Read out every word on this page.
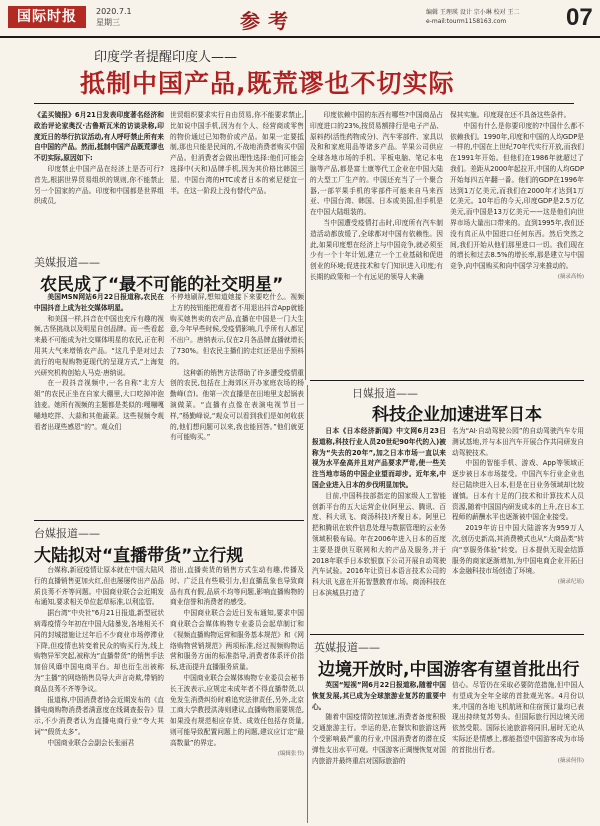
国际时报	2020.7.1
星期三	参考	编辑 王理瑛 设计 宗小琳 校对 王二
e-mail:tourm1158163.com	07
印度学者提醒印度人——
抵制中国产品,既荒谬也不切实际

《孟买镜报》6月21日发表印度著名经济和政治评论家奥汉·古鲁斯瓦米的访谈录称,印度近日的举行抗议活动,有人呼吁禁止所有来自中国的产品。然而,抵制中国产品既荒谬也不切实际,原因如下:

印度禁止中国产品在经济上是否可行?首先,根据世界贸易组织的规则,你不能禁止另一个国家的产品。印度和中国都是世界组织成员,

世贸组织要求实行自由贸易,你不能要求禁止,比如说中国手机,因为有个人、经营商或零售的物价通过已知物价或产品。如果一定要抵制,那也只能是民间的,不战地消费者购买中国产品。但消费者会做出理性选择:他们可能会选择中(天和)品牌手机,因为其价格比韩国三星、中国台湾的HTC或者日本的索尼便宜一半。在这一阶段上没有替代产品。

印度依赖中国的东西有哪些?中国商品占印度进口的23%,按贸易额排行是电子产品、原料药(活性药物成分)、汽车零部件、家具以及和和家庭用品等诸多产品。苹果公司供应全球各地市场的手机、平板电脑、笔记本电脑等产品,都是富士康等代工企业在中国大陆的大型工厂生产的。中国还充当了一个聚合器,一部苹果手机的零部件可能来自马来西亚、中国台湾、韩国、日本或美国,但手机是在中国大陆组装的。

当中国遭受疫情打击时,印度所有汽车制造活动都放缓了,全球都对中国有依赖性。因此,如果印度想在经济上与中国竞争,就必须至少有一个十年计划,建立一个工业基础和促进创业的环境;促进技术和专门知识进入印度;有长期的政策和一个有远见的领导人来确

保其实施。印度现在还不具备这些条件。

中国有什么是你要印度的?中国什么都不依赖我们。1990年,印度和中国的人均GDP是一样的,中国在上世纪70年代实行开放,而我们在1991年开始。但他们在1986年就超过了我们。差距从2000年起拉开,中国的人均GDP开始每四五年翻一番。他们的GDP在1996年达到1万亿美元,而我们在2000年才达到1万亿美元。10年后的今天,印度GDP是2.5万亿美元,而中国是13万亿美元——这是他们向世界市场大量出口带来的。直到1995年,我们还没有真正从中国进口任何东西。然后突然之间,我们开始从他们那里进口一切。我们现在的增长和过去8.5%的增长率,那是建立与中国竞争,向中国购买和向中国学习来推动的。

(摘录高杨)
美媒报道——
农民成了“最不可能的社交明星”

美国MSN网站6月22日报道称,农民在中国抖音上成为社交媒体明星。

和美国一样,抖音在中国也充斥有趣的视频,古怪挑战以及明星自创品牌。而一些看起来最不可能成为社交媒体明星的农民,正在利用其大气来增销农产品。“这几乎是对过去流行的电视购物更现代的呈现方式,”上海复兴研究机构创始人马克·唐纳说。

在一段抖音视频中,一名自称“北方大姐”的农民正坐在自家大棚里,大口吃掉冲泡油麦。她所有视频的主题都是类似的:嘎嘣嘎嘣地吃拌、大蒜和其他蔬菜。这些视频令观看者出现些感恩“的”。观众们

不停地刷屏,想知道她接下来要吃什么。视频上方的按钮能把观看者不用退出抖音App就能购买她售卖的农产品,直播在中国是一门大生意,今年早些时候,受疫情影响,几乎所有人都足不出户。唐纳表示,仅在2月各品牌直播就增长了730%。但农民主播们的走红还是出乎预料的。

这种新的销售方法帮助了许多遭受疫情重创的农民,包括在上海郊区开办家庭农场的杨勤峰(音)。他第一次直播是在田地里支起锅表演做菜。“直播有点像在表演电视节目一样,”杨勤峰说,“观众可以看到我们是如何收获的,他们想问题可以来,我也能回答。”他们就更有可能购买。”

台媒报道——
大陆拟对“直播带货”立行规

台媒称,新冠疫情让原本就在中国大陆风行的直播销售更加火红,但也屡屡传出产品品质良莠不齐等问题。中国商业联合会近期发布通知,要求相关单位起草标准,以利监管。

据台湾“中央社”6月21日报道,新型冠状病毒疫情今年初在中国大陆暴发,各地相关不同的封城措施让过年后不少商业市场停滞业下降,但疫情也转变着民众的购买行为,线上购物异军突起,被称为“直播带货”的销售手法加倍风靡中国电商平台。却也衍生出被称为“主播”的网络销售员导大声言奇欺,带销的商品良莠不齐等争议。

报道称,中国消费者协会近期发布的《直播电商购物消费者满意度在线调查报告》显示,不少消费者认为直播电商行业“夸大其词”“假货太多”。

中国商业联合会副会长张丽君

指出,直播卖货的销售方式生动有趣,传播及时、广泛且有些吸引力,但直播乱象也导致商品有真有假,品质不均等问题,影响直播购物的商业信誉和消费者的感受。

中国商业联合会近日发布通知,要求中国商业联合会媒体购物专业委员会起草制订和《视频直播购物运营和服务基本规范》和《网络购物营销规范》两项标准,经过视频购物运营和服务方面的标准指导,消费者体系评价指标,进而提升直播服务质量。

中国商业联合会媒体购物专业委员会秘书长王波表示,应规定未成年者不得直播带货,以免发生消费纠纷时难追究法律责任,另外,北京工商大学教授洪涛则建议,直播购物需要规范,如果没有规范相应存货、成效任包括存货量,则可能导致配置问题上的问题,建议应订定“最高数量”的界定。

(编辑张书)
日媒报道——
科技企业加速进军日本

日本《日本经济新闻》中文网6月23日报道称,科技行业人员20世纪90年代的入)被称为“失去的20年”,加之日本市场一直以来视为水平垒高并且对产品要求严苛,使一些关注当地市场的中国企业望而却步。近年来,中国企业进入日本的步伐明显加快。

目前,中国科技部指定的国家级人工智能创新平台的五大运营企业(阿里云、腾讯、百度、科大讯飞、商汤科技)齐聚日本。阿里已把和腾讯在软件信息处理与数据管理的云业务领域积极布局。年在2006年进入日本的百度主要是提供互联网和大的产品及服务,并于2018年联手日本软银旗下公司开展自动驾驶汽车试验。2016年让资日本语言技术公司的科大讯飞意在开拓智慧教育市场。商汤科技在日本滨城县打造了

名为“AI·自动驾驶公园”的自动驾驶汽车专用测试基地,并与本田汽车开展合作共同研发自动驾驶技术。

中国的智能手机、游戏、App等领域正逐步被日本市场接受。中国汽车行业企业也经已陆续进入日本,但是在日业务领域却比较谨慎。日本有十足的门技术和计算技术人员资源,随着中国国内研发成本的上升,在日本工程师的薪酬水平也逐渐被中国企业接受。

2019年访日中国大陆游客为959万人次,创历史新高,其消费模式也从“大商品类”转向“享服务体验”转变。日本提供无现金结算服务的商家逐渐增加,为中国电商企业开拓日本金融科技市场创造了环境。

(摘录纪瑶)
英媒报道——
边境开放时,中国游客有望首批出行

英国“短视”网6月22日报道称,随着中国恢复发展,其已成为全球旅游业复苏的重要中心。

随着中国疫情防控加速,消费者备度积极交通旅游主行。幸运的是,在餐饮和旅游这两个受影响最严重的行业,中国消费者的潜在反弹性支出水平可观。中国游客正调慢恢复对国内旅游并最终重启对国际旅游的

信心。尽管仍在采取必要防范措施,但中国人有望成为全年全球的首批观光客。4月份以来,中国的各地飞机航班和住宿预订量均已表现出持续复苏势头。但国际旅行因边境关闭依然受限。国际长途旅游将同旧,届时无论从实际还是情感上,都能指望中国游客成为市场的首批出行者。

(摘录何伟)
